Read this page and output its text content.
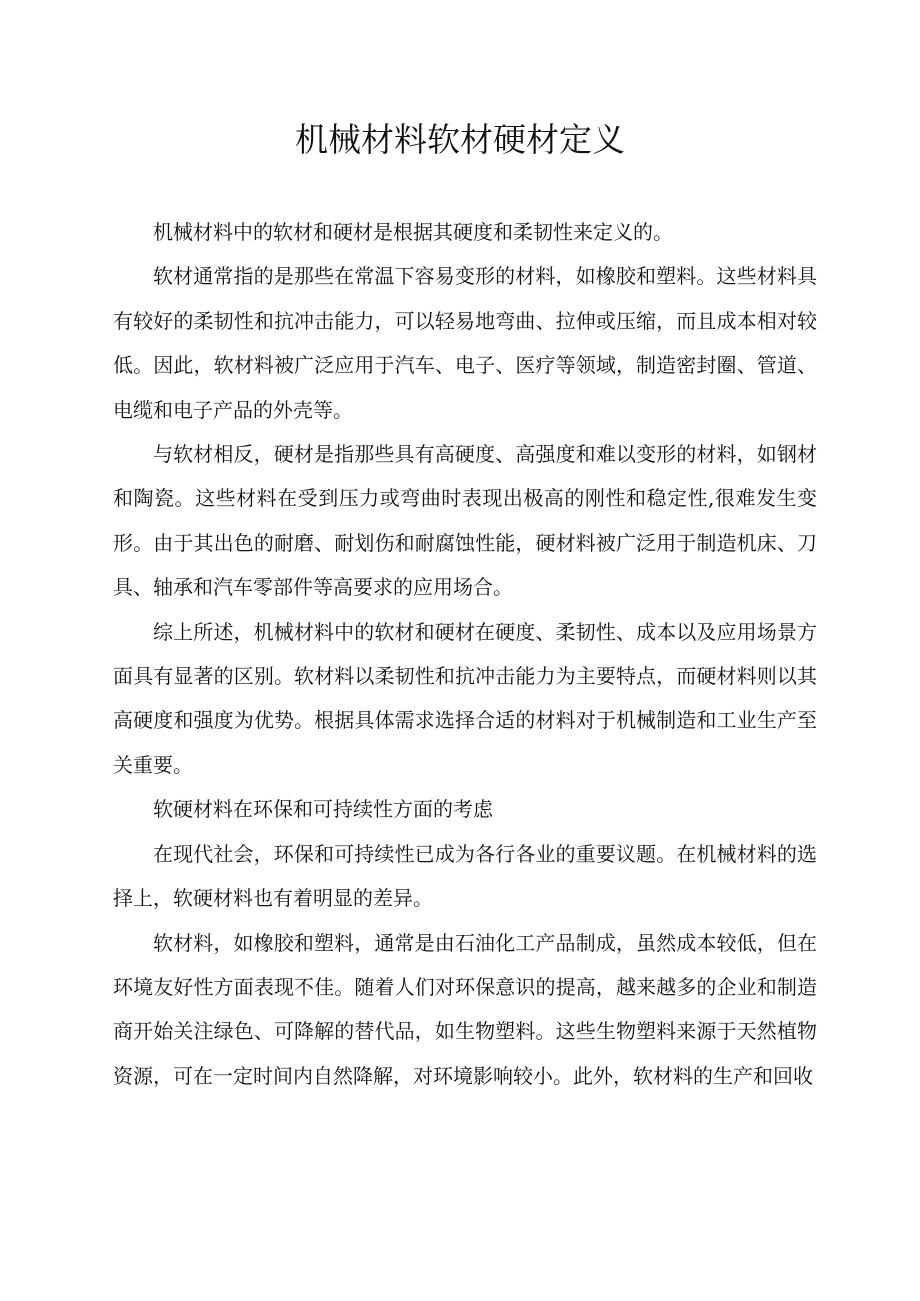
机械材料软材硬材定义

机械材料中的软材和硬材是根据其硬度和柔韧性来定义的。

软材通常指的是那些在常温下容易变形的材料，如橡胶和塑料。这些材料具有较好的柔韧性和抗冲击能力，可以轻易地弯曲、拉伸或压缩，而且成本相对较低。因此，软材料被广泛应用于汽车、电子、医疗等领域，制造密封圈、管道、电缆和电子产品的外壳等。

与软材相反，硬材是指那些具有高硬度、高强度和难以变形的材料，如钢材和陶瓷。这些材料在受到压力或弯曲时表现出极高的刚性和稳定性,很难发生变形。由于其出色的耐磨、耐划伤和耐腐蚀性能，硬材料被广泛用于制造机床、刀具、轴承和汽车零部件等高要求的应用场合。

综上所述，机械材料中的软材和硬材在硬度、柔韧性、成本以及应用场景方面具有显著的区别。软材料以柔韧性和抗冲击能力为主要特点，而硬材料则以其高硬度和强度为优势。根据具体需求选择合适的材料对于机械制造和工业生产至关重要。

软硬材料在环保和可持续性方面的考虑

在现代社会，环保和可持续性已成为各行各业的重要议题。在机械材料的选择上，软硬材料也有着明显的差异。

软材料，如橡胶和塑料，通常是由石油化工产品制成，虽然成本较低，但在环境友好性方面表现不佳。随着人们对环保意识的提高，越来越多的企业和制造商开始关注绿色、可降解的替代品，如生物塑料。这些生物塑料来源于天然植物资源，可在一定时间内自然降解，对环境影响较小。此外，软材料的生产和回收
